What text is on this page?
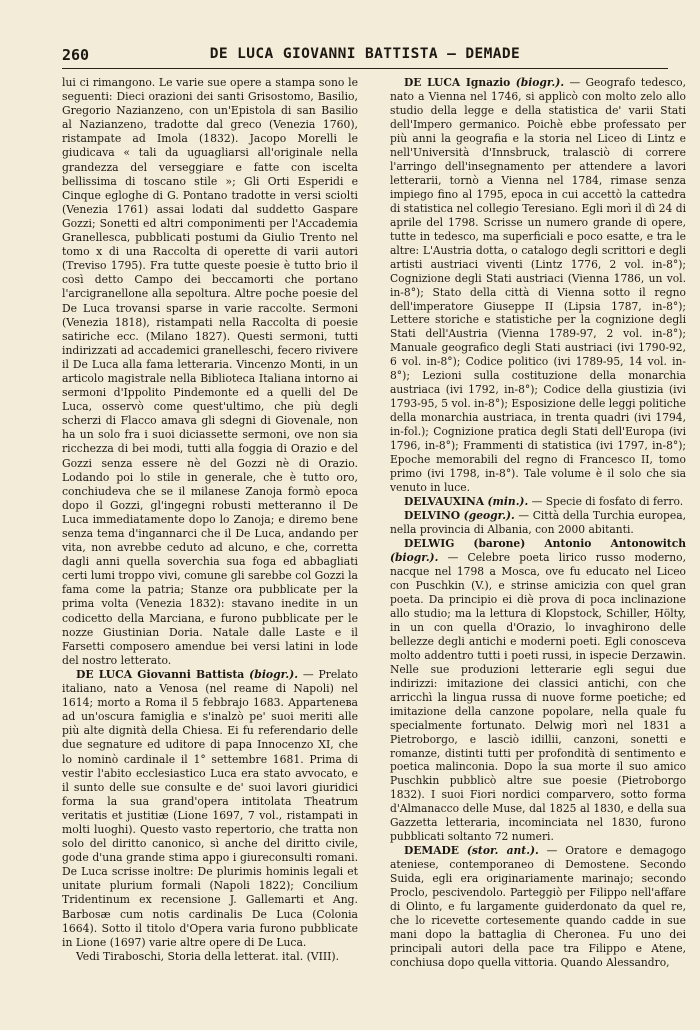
260	DE LUCA GIOVANNI BATTISTA — DEMADE

lui ci rimangono. Le varie sue opere a stampa sono le seguenti: Dieci orazioni dei santi Grisostomo, Basilio, Gregorio Nazianzeno, con un'Epistola di san Basilio al Nazianzeno, tradotte dal greco (Venezia 1760), ristampate ad Imola (1832). Jacopo Morelli le giudicava « tali da uguagliarsi all'originale nella grandezza del verseggiare e fatte con iscelta bellissima di toscano stile »; Gli Orti Esperidi e Cinque egloghe di G. Pontano tradotte in versi sciolti (Venezia 1761) assai lodati dal suddetto Gaspare Gozzi; Sonetti ed altri componimenti per l'Accademia Granellesca, pubblicati postumi da Giulio Trento nel tomo x di una Raccolta di operette di varii autori (Treviso 1795). Fra tutte queste poesie è tutto brio il così detto Campo dei beccamorti che portano l'arcigranellone alla sepoltura. Altre poche poesie del De Luca trovansi sparse in varie raccolte. Sermoni (Venezia 1818), ristampati nella Raccolta di poesie satiriche ecc. (Milano 1827). Questi sermoni, tutti indirizzati ad accademici granelleschi, fecero rivivere il De Luca alla fama letteraria. Vincenzo Monti, in un articolo magistrale nella Biblioteca Italiana intorno ai sermoni d'Ippolito Pindemonte ed a quelli del De Luca, osservò come quest'ultimo, che più degli scherzi di Flacco amava gli sdegni di Giovenale, non ha un solo fra i suoi diciassette sermoni, ove non sia ricchezza di bei modi, tutti alla foggia di Orazio e del Gozzi senza essere nè del Gozzi nè di Orazio. Lodando poi lo stile in generale, che è tutto oro, conchiudeva che se il milanese Zanoja formò epoca dopo il Gozzi, gl'ingegni robusti metteranno il De Luca immediatamente dopo lo Zanoja; e diremo bene senza tema d'ingannarci che il De Luca, andando per vita, non avrebbe ceduto ad alcuno, e che, corretta dagli anni quella soverchia sua foga ed abbagliati certi lumi troppo vivi, comune gli sarebbe col Gozzi la fama come la patria; Stanze ora pubblicate per la prima volta (Venezia 1832): stavano inedite in un codicetto della Marciana, e furono pubblicate per le nozze Giustinian Doria. Natale dalle Laste e il Farsetti composero amendue bei versi latini in lode del nostro letterato.

DE LUCA Giovanni Battista (biogr.). — Prelato italiano, nato a Venosa (nel reame di Napoli) nel 1614; morto a Roma il 5 febbrajo 1683. Appartenева ad un'oscura famiglia e s'inalzò pe' suoi meriti alle più alte dignità della Chiesa. Ei fu referendario delle due segnature ed uditore di papa Innocenzo XI, che lo nominò cardinale il 1° settembre 1681. Prima di vestir l'abito ecclesiastico Luca era stato avvocato, e il sunto delle sue consulte e de' suoi lavori giuridici forma la sua grand'opera intitolata Theatrum veritatis et justitiæ (Lione 1697, 7 vol., ristampati in molti luoghi). Questo vasto repertorio, che tratta non solo del diritto canonico, sì anche del diritto civile, gode d'una grande stima appo i giureconsulti romani. De Luca scrisse inoltre: De plurimis hominis legali et unitate plurium formali (Napoli 1822); Concilium Tridentinum ex recensione J. Gallemarti et Ang. Barbosæ cum notis cardinalis De Luca (Colonia 1664). Sotto il titolo d'Opera varia furono pubblicate in Lione (1697) varie altre opere di De Luca.

Vedi Tiraboschi, Storia della letterat. ital. (VIII).

DE LUCA Ignazio (biogr.). — Geografo tedesco, nato a Vienna nel 1746, si applicò con molto zelo allo studio della legge e della statistica de' varii Stati dell'Impero germanico. Poichè ebbe professato per più anni la geografia e la storia nel Liceo di Lintz e nell'Università d'Innsbruck, tralasciò di correre l'arringo dell'insegnamento per attendere a lavori letterarii, tornò a Vienna nel 1784, rimase senza impiego fino al 1795, epoca in cui accettò la cattedra di statistica nel collegio Teresiano. Egli morì il dì 24 di aprile del 1798. Scrisse un numero grande di opere, tutte in tedesco, ma superficiali e poco esatte, e tra le altre: L'Austria dotta, o catalogo degli scrittori e degli artisti austriaci viventi (Lintz 1776, 2 vol. in-8°); Cognizione degli Stati austriaci (Vienna 1786, un vol. in-8°); Stato della città di Vienna sotto il regno dell'imperatore Giuseppe II (Lipsia 1787, in-8°); Lettere storiche e statistiche per la cognizione degli Stati dell'Austria (Vienna 1789-97, 2 vol. in-8°); Manuale geografico degli Stati austriaci (ivi 1790-92, 6 vol. in-8°); Codice politico (ivi 1789-95, 14 vol. in-8°); Lezioni sulla costituzione della monarchia austriaca (ivi 1792, in-8°); Codice della giustizia (ivi 1793-95, 5 vol. in-8°); Esposizione delle leggi politiche della monarchia austriaca, in trenta quadri (ivi 1794, in-fol.); Cognizione pratica degli Stati dell'Europa (ivi 1796, in-8°); Frammenti di statistica (ivi 1797, in-8°); Epoche memorabili del regno di Francesco II, tomo primo (ivi 1798, in-8°). Tale volume è il solo che sia venuto in luce.

DELVAUXINA (min.). — Specie di fosfato di ferro.

DELVINO (geogr.). — Città della Turchia europea, nella provincia di Albania, con 2000 abitanti.

DELWIG (barone) Antonio Antonowitch (biogr.). — Celebre poeta lirico russo moderno, nacque nel 1798 a Mosca, ove fu educato nel Liceo con Puschkin (V.), e strinse amicizia con quel gran poeta. Da principio ei diè prova di poca inclinazione allo studio; ma la lettura di Klopstock, Schiller, Hölty, in un con quella d'Orazio, lo invaghirono delle bellezze degli antichi e moderni poeti. Egli conosceva molto addentro tutti i poeti russi, in ispecie Derzawin. Nelle sue produzioni letterarie egli segui due indirizzi: imitazione dei classici antichi, con che arricchì la lingua russa di nuove forme poetiche; ed imitazione della canzone popolare, nella quale fu specialmente fortunato. Delwig morì nel 1831 a Pietroborgo, e lasciò idillii, canzoni, sonetti e romanze, distinti tutti per profondità di sentimento e poetica malinconia. Dopo la sua morte il suo amico Puschkin pubblicò altre sue poesie (Pietroborgo 1832). I suoi Fiori nordici comparvero, sotto forma d'Almanacco delle Muse, dal 1825 al 1830, e della sua Gazzetta letteraria, incominciata nel 1830, furono pubblicati soltanto 72 numeri.

DEMADE (stor. ant.). — Oratore e demagogo ateniese, contemporaneo di Demostene. Secondo Suida, egli era originariamente marinajo; secondo Proclo, pescivendolo. Parteggiò per Filippo nell'affare di Olinto, e fu largamente guiderdonato da quel re, che lo ricevette cortesemente quando cadde in sue mani dopo la battaglia di Cheronea. Fu uno dei principali autori della pace tra Filippo e Atene, conchiusa dopo quella vittoria. Quando Alessandro,
